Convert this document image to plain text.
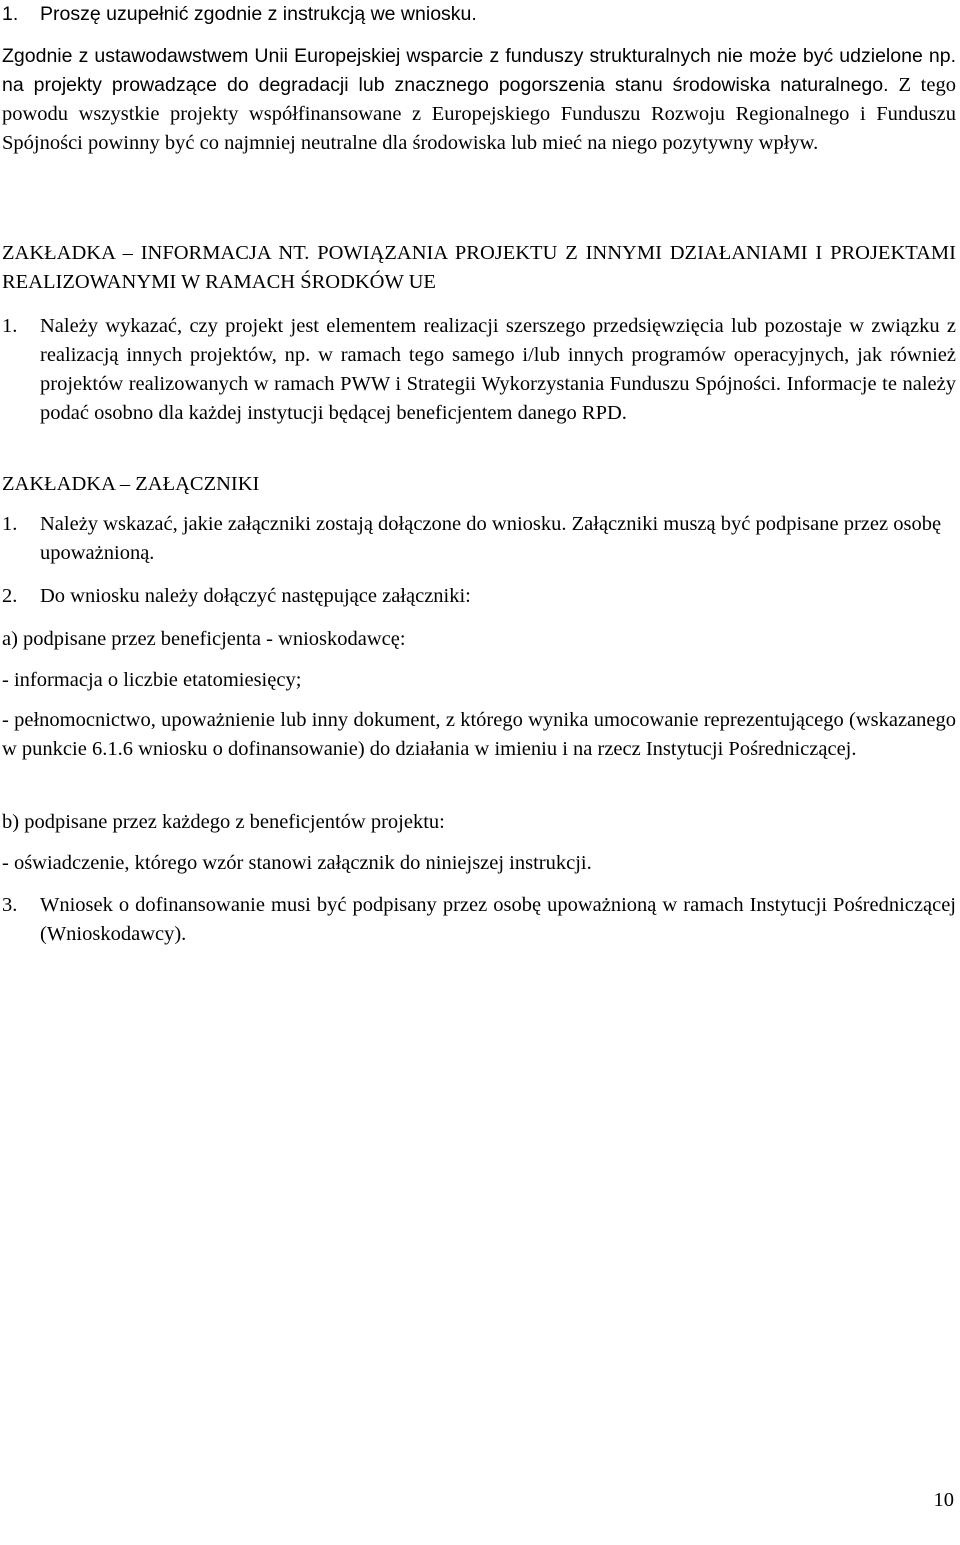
1.	Proszę uzupełnić zgodnie z instrukcją we wniosku.

Zgodnie z ustawodawstwem Unii Europejskiej wsparcie z funduszy strukturalnych nie może być udzielone np. na projekty prowadzące do degradacji lub znacznego pogorszenia stanu środowiska naturalnego. Z tego powodu wszystkie projekty współfinansowane z Europejskiego Funduszu Rozwoju Regionalnego i Funduszu Spójności powinny być co najmniej neutralne dla środowiska lub mieć na niego pozytywny wpływ.

ZAKŁADKA – INFORMACJA NT. POWIĄZANIA PROJEKTU Z INNYMI DZIAŁANIAMI I PROJEKTAMI REALIZOWANYMI W RAMACH ŚRODKÓW UE

1.	Należy wykazać, czy projekt jest elementem realizacji szerszego przedsięwzięcia lub pozostaje w związku z realizacją innych projektów, np. w ramach tego samego i/lub innych programów operacyjnych, jak również projektów realizowanych w ramach PWW i Strategii Wykorzystania Funduszu Spójności. Informacje te należy podać osobno dla każdej instytucji będącej beneficjentem danego RPD.

ZAKŁADKA – ZAŁĄCZNIKI

1.	Należy wskazać, jakie załączniki zostają dołączone do wniosku. Załączniki muszą być podpisane przez osobę upoważnioną.
2.	Do wniosku należy dołączyć następujące załączniki:

a) podpisane przez beneficjenta - wnioskodawcę:

- informacja o liczbie etatomiesięcy;

- pełnomocnictwo, upoważnienie lub inny dokument, z którego wynika umocowanie reprezentującego (wskazanego w punkcie 6.1.6 wniosku o dofinansowanie) do działania w imieniu i na rzecz Instytucji Pośredniczącej.

b) podpisane przez każdego z beneficjentów projektu:

- oświadczenie, którego wzór stanowi załącznik do niniejszej instrukcji.

3.	Wniosek o dofinansowanie musi być podpisany przez osobę upoważnioną w ramach Instytucji Pośredniczącej (Wnioskodawcy).
10
